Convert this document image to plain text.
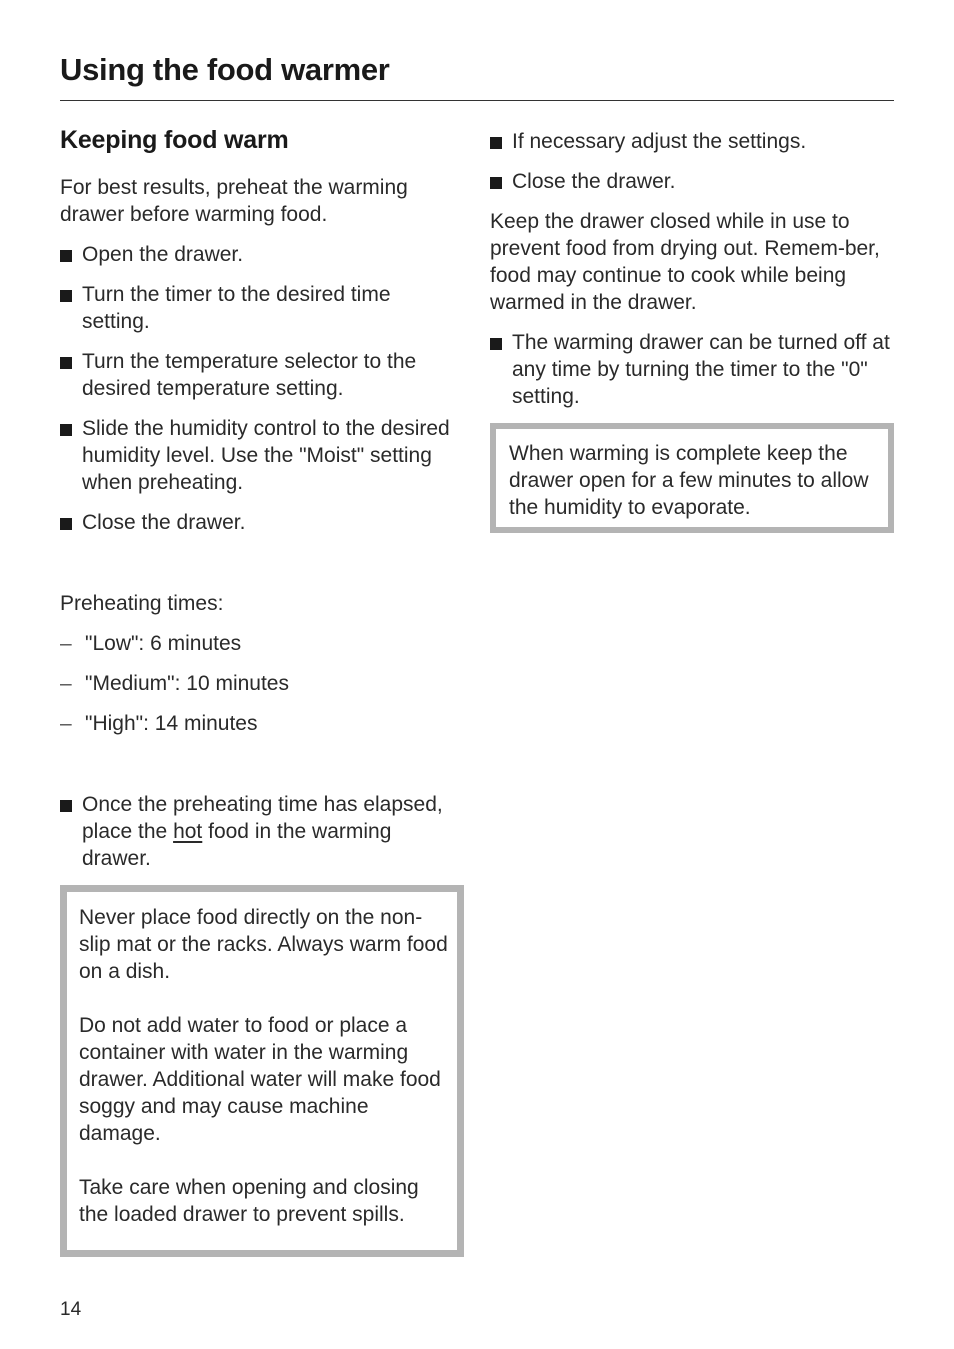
Using the food warmer
Keeping food warm

For best results, preheat the warming drawer before warming food.

Open the drawer.
Turn the timer to the desired time setting.
Turn the temperature selector to the desired temperature setting.
Slide the humidity control to the desired humidity level. Use the "Moist" setting when preheating.
Close the drawer.

Preheating times:

– "Low": 6 minutes
– "Medium": 10 minutes
– "High": 14 minutes
Once the preheating time has elapsed, place the hot food in the warming drawer.

Never place food directly on the non-slip mat or the racks. Always warm food on a dish.

Do not add water to food or place a container with water in the warming drawer. Additional water will make food soggy and may cause machine damage.

Take care when opening and closing the loaded drawer to prevent spills.

If necessary adjust the settings.
Close the drawer.

Keep the drawer closed while in use to prevent food from drying out. Remem-ber, food may continue to cook while being warmed in the drawer.

The warming drawer can be turned off at any time by turning the timer to the "0" setting.

When warming is complete keep the drawer open for a few minutes to allow the humidity to evaporate.

14
